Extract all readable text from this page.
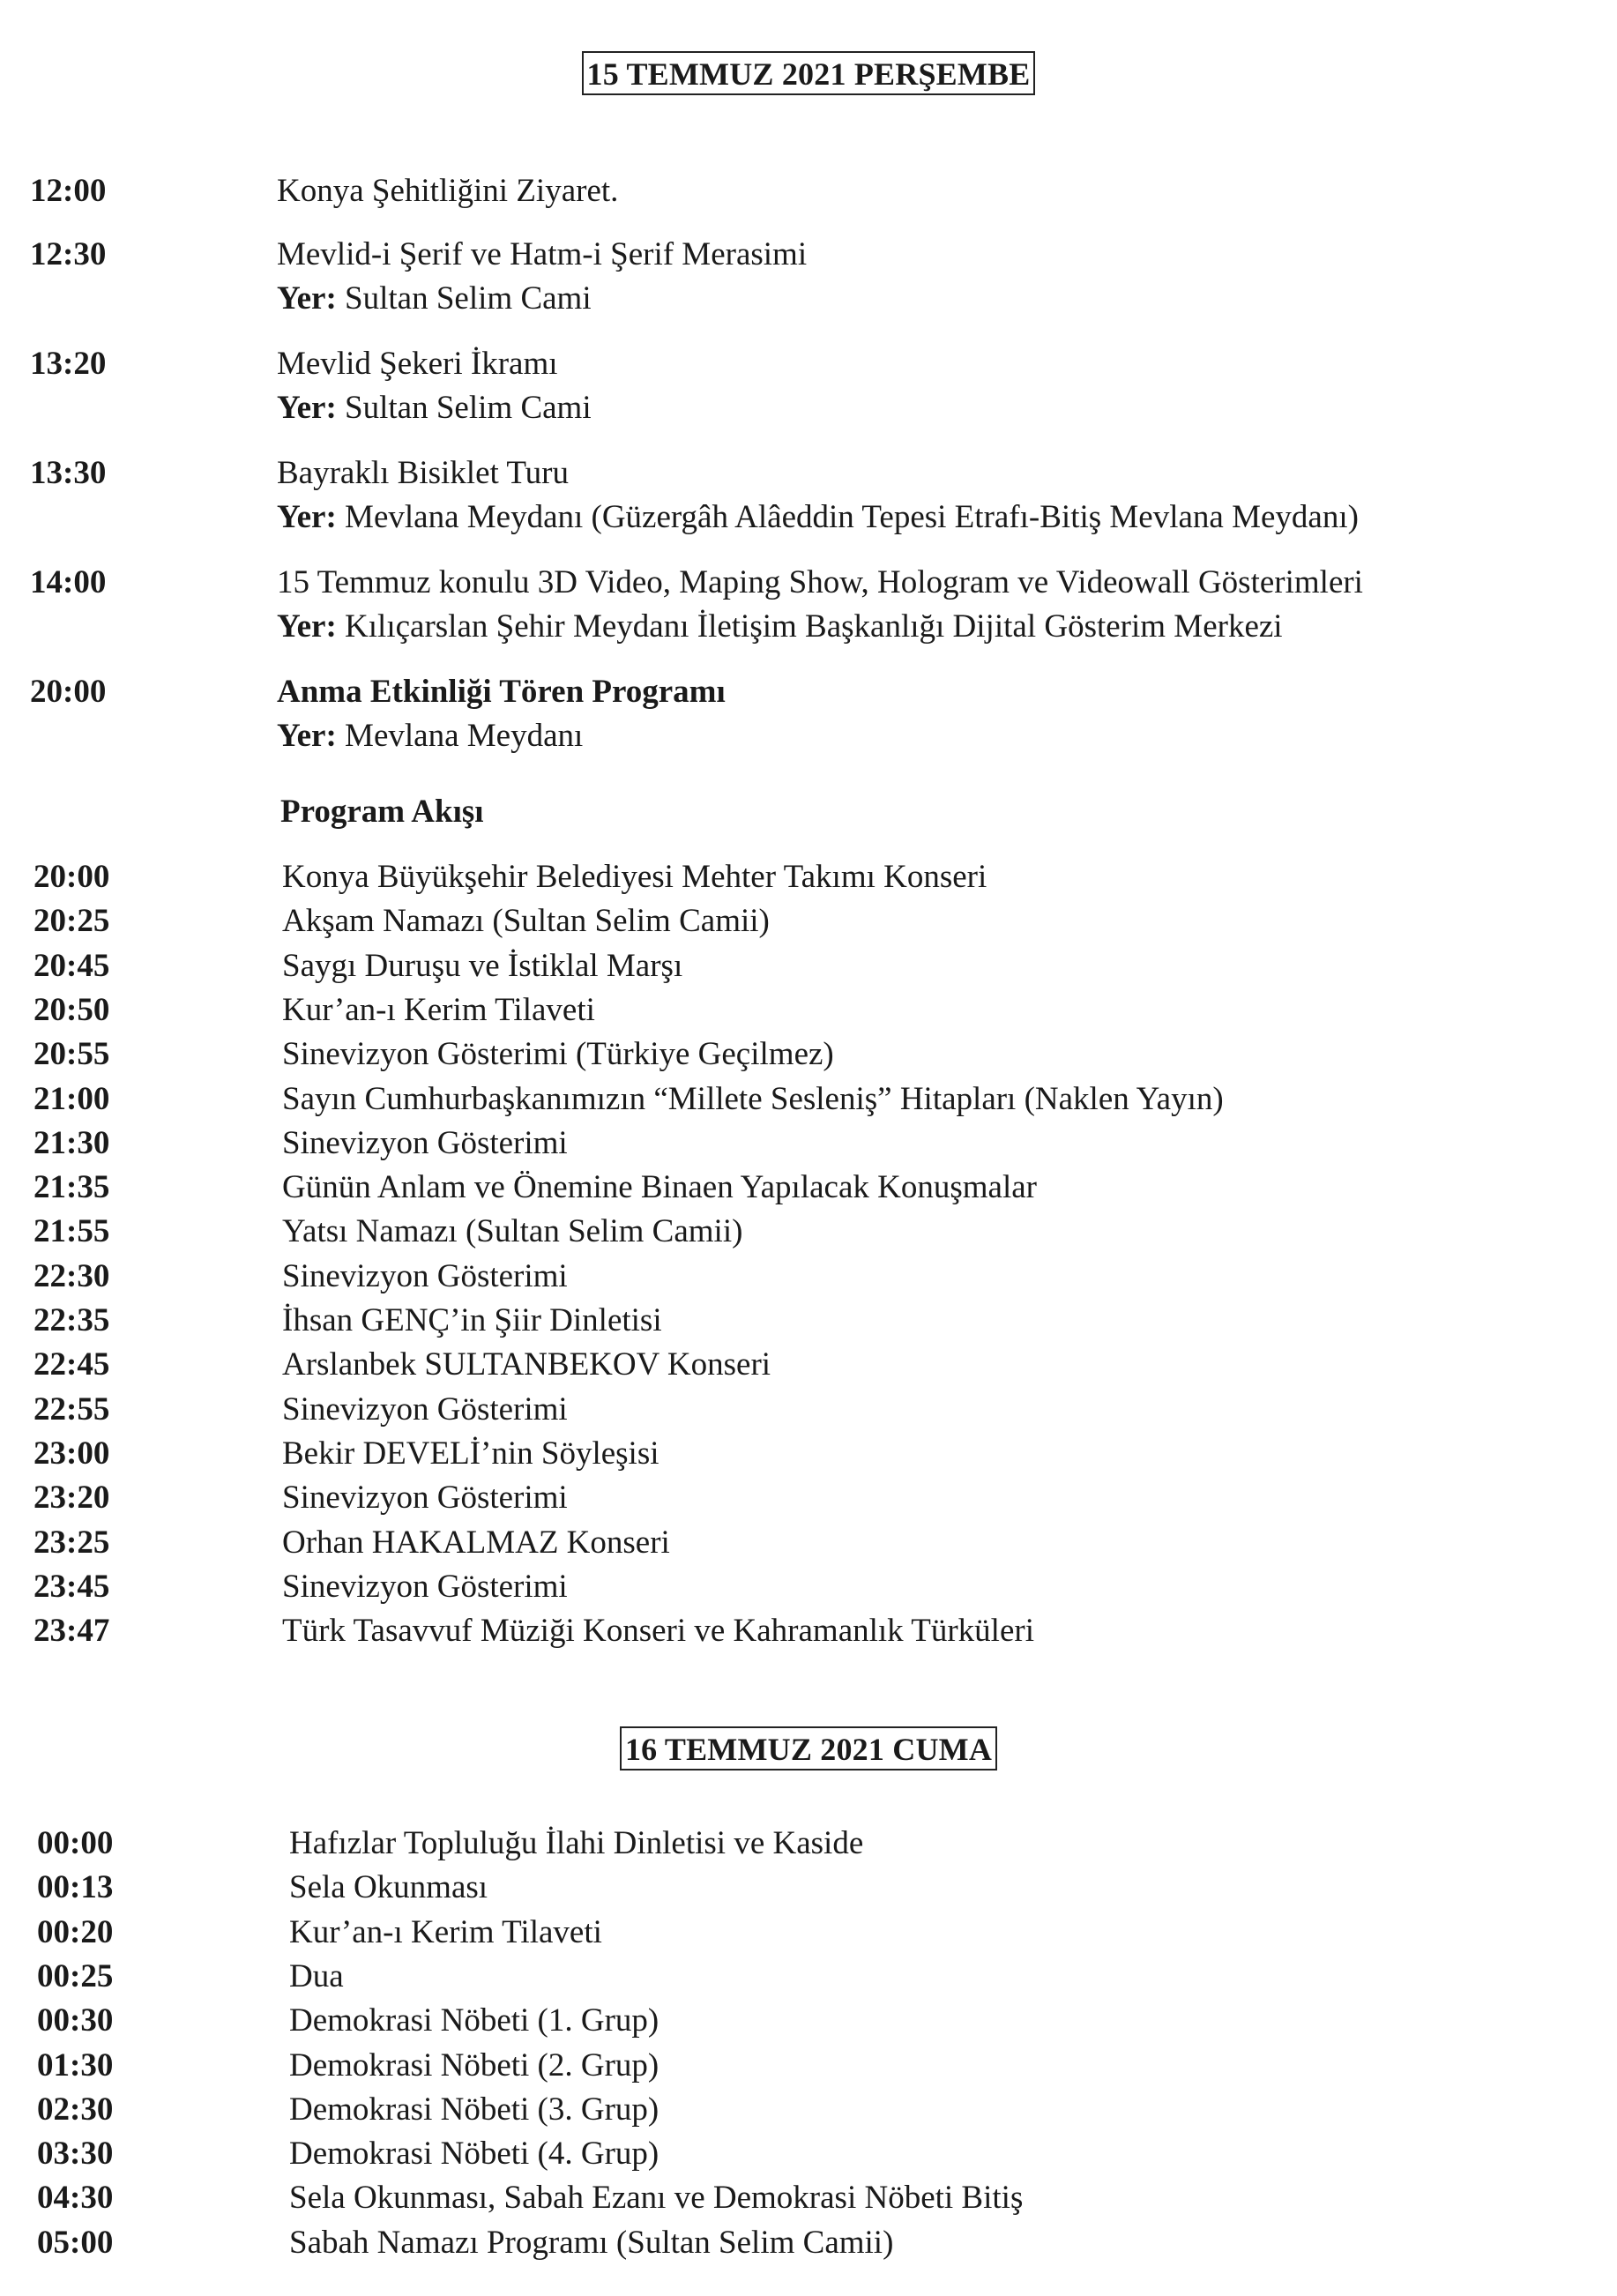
15 TEMMUZ 2021 PERŞEMBE
12:00	Konya Şehitliğini Ziyaret.
12:30	Mevlid-i Şerif ve Hatm-i Şerif Merasimi
Yer: Sultan Selim Cami
13:20	Mevlid Şekeri İkramı
Yer: Sultan Selim Cami
13:30	Bayraklı Bisiklet Turu
Yer: Mevlana Meydanı (Güzergâh Alâeddin Tepesi Etrafı-Bitiş Mevlana Meydanı)
14:00	15 Temmuz konulu 3D Video, Maping Show, Hologram ve Videowall Gösterimleri
Yer: Kılıçarslan Şehir Meydanı İletişim Başkanlığı Dijital Gösterim Merkezi
20:00	Anma Etkinliği Tören Programı
Yer: Mevlana Meydanı
Program Akışı
20:00	Konya Büyükşehir Belediyesi Mehter Takımı Konseri
20:25	Akşam Namazı (Sultan Selim Camii)
20:45	Saygı Duruşu ve İstiklal Marşı
20:50	Kur’an-ı Kerim Tilaveti
20:55	Sinevizyon Gösterimi (Türkiye Geçilmez)
21:00	Sayın Cumhurbaşkanımızın “Millete Sesleniş” Hitapları (Naklen Yayın)
21:30	Sinevizyon Gösterimi
21:35	Günün Anlam ve Önemine Binaen Yapılacak Konuşmalar
21:55	Yatsı Namazı (Sultan Selim Camii)
22:30	Sinevizyon Gösterimi
22:35	İhsan GENÇ’in Şiir Dinletisi
22:45	Arslanbek SULTANBEKOV Konseri
22:55	Sinevizyon Gösterimi
23:00	Bekir DEVELİ’nin Söyleşisi
23:20	Sinevizyon Gösterimi
23:25	Orhan HAKALMAZ Konseri
23:45	Sinevizyon Gösterimi
23:47	Türk Tasavvuf Müziği Konseri ve Kahramanlık Türküleri
16 TEMMUZ 2021 CUMA
00:00	Hafızlar Topluluğu İlahi Dinletisi ve Kaside
00:13	Sela Okunması
00:20	Kur’an-ı Kerim Tilaveti
00:25	Dua
00:30	Demokrasi Nöbeti (1. Grup)
01:30	Demokrasi Nöbeti (2. Grup)
02:30	Demokrasi Nöbeti (3. Grup)
03:30	Demokrasi Nöbeti (4. Grup)
04:30	Sela Okunması, Sabah Ezanı ve Demokrasi Nöbeti Bitiş
05:00	Sabah Namazı Programı (Sultan Selim Camii)
